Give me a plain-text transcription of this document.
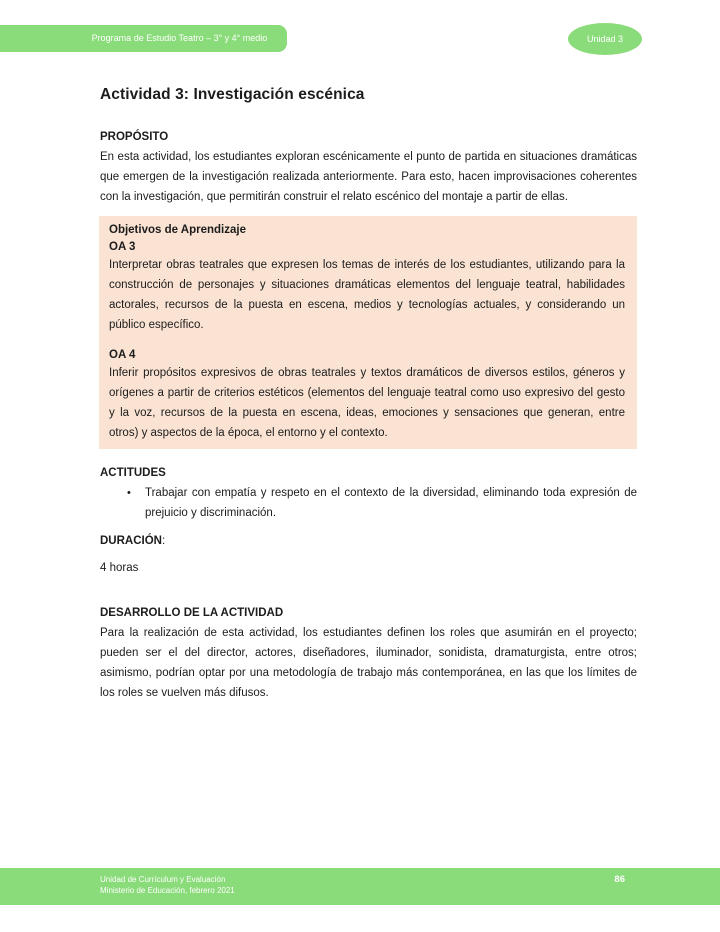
Programa de Estudio Teatro – 3° y 4° medio	Unidad 3
Actividad 3: Investigación escénica
PROPÓSITO

En esta actividad, los estudiantes exploran escénicamente el punto de partida en situaciones dramáticas que emergen de la investigación realizada anteriormente. Para esto, hacen improvisaciones coherentes con la investigación, que permitirán construir el relato escénico del montaje a partir de ellas.

Objetivos de Aprendizaje
OA 3

Interpretar obras teatrales que expresen los temas de interés de los estudiantes, utilizando para la construcción de personajes y situaciones dramáticas elementos del lenguaje teatral, habilidades actorales, recursos de la puesta en escena, medios y tecnologías actuales, y considerando un público específico.

OA 4

Inferir propósitos expresivos de obras teatrales y textos dramáticos de diversos estilos, géneros y orígenes a partir de criterios estéticos (elementos del lenguaje teatral como uso expresivo del gesto y la voz, recursos de la puesta en escena, ideas, emociones y sensaciones que generan, entre otros) y aspectos de la época, el entorno y el contexto.

ACTITUDES
•	Trabajar con empatía y respeto en el contexto de la diversidad, eliminando toda expresión de prejuicio y discriminación.
DURACIÓN:
4 horas
DESARROLLO DE LA ACTIVIDAD

Para la realización de esta actividad, los estudiantes definen los roles que asumirán en el proyecto; pueden ser el del director, actores, diseñadores, iluminador, sonidista, dramaturgista, entre otros; asimismo, podrían optar por una metodología de trabajo más contemporánea, en las que los límites de los roles se vuelven más difusos.

Unidad de Currículum y Evaluación
Ministerio de Educación, febrero 2021
86
